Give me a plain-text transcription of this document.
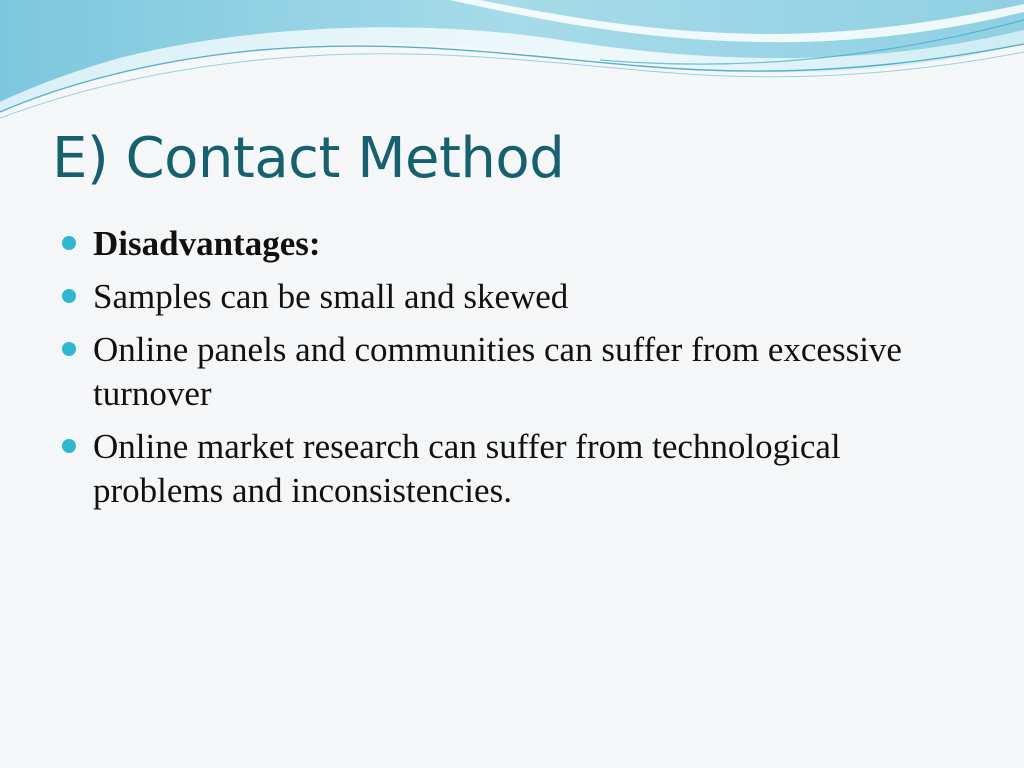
E) Contact Method
Disadvantages:
Samples can be small and skewed
Online panels and communities can suffer from excessive turnover
Online market research can suffer from technological problems and inconsistencies.
